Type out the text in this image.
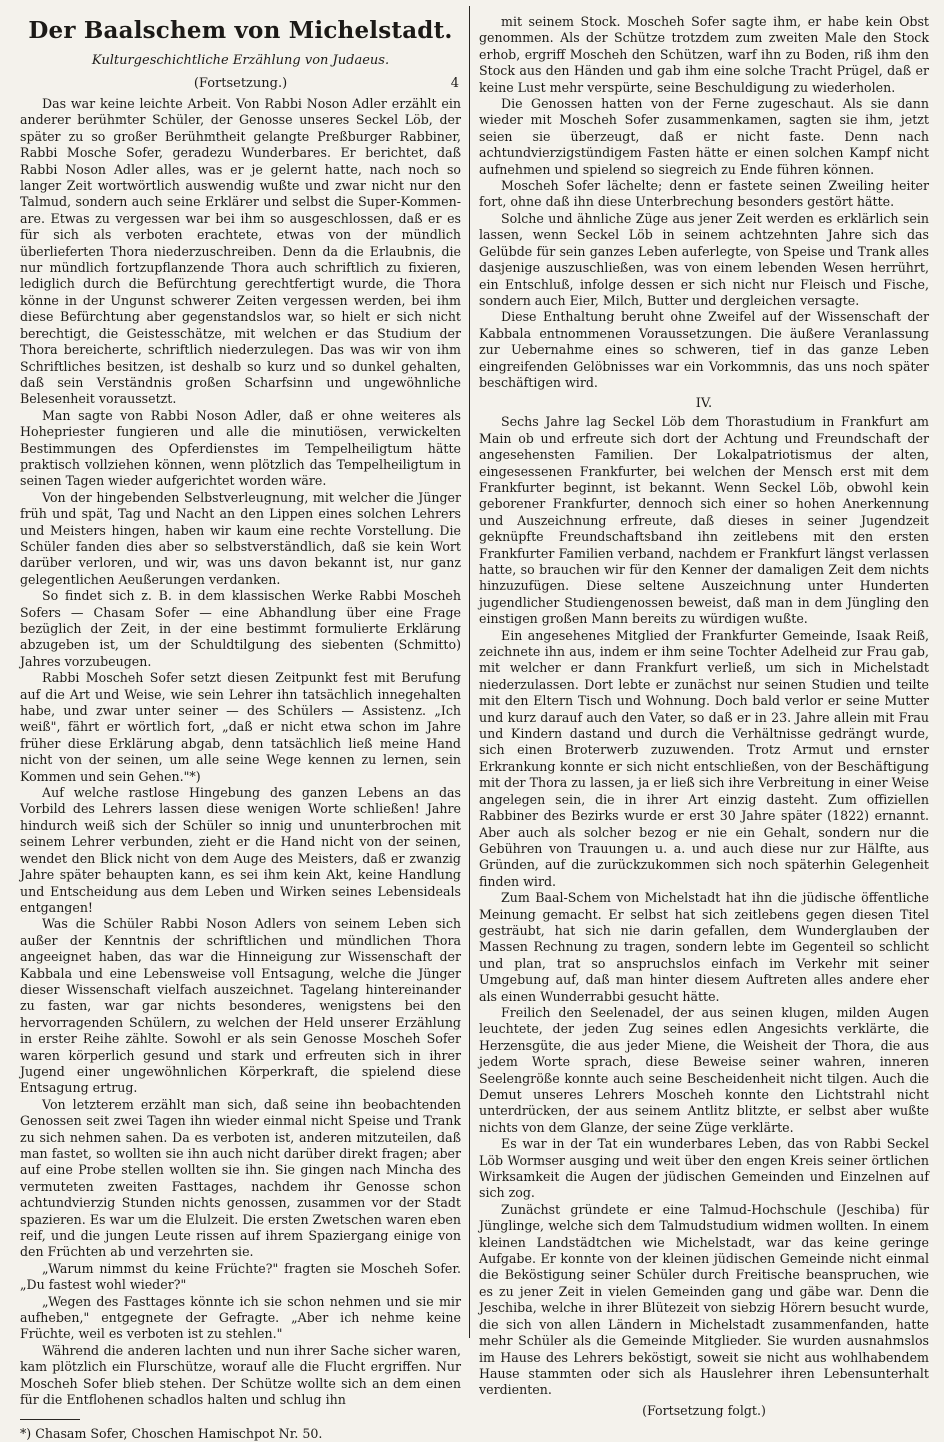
Der Baalschem von Michelstadt.
Kulturgeschichtliche Erzählung von Judaeus.
(Fortsetzung.)	4

Das war keine leichte Arbeit. Von Rabbi Noson Adler erzählt ein anderer berühmter Schüler, der Genosse unseres Seckel Löb, der später zu so großer Berühmtheit gelangte Preßburger Rabbiner, Rabbi Mosche Sofer, geradezu Wunderbares. Er berichtet, daß Rabbi Noson Adler alles, was er je gelernt hatte, nach noch so langer Zeit wortwörtlich auswendig wußte und zwar nicht nur den Talmud, sondern auch seine Erklärer und selbst die Super-Kommen-are. Etwas zu vergessen war bei ihm so ausgeschlossen, daß er es für sich als verboten erachtete, etwas von der mündlich überlieferten Thora niederzuschreiben. Denn da die Erlaubnis, die nur mündlich fortzupflanzende Thora auch schriftlich zu fixieren, lediglich durch die Befürchtung gerechtfertigt wurde, die Thora könne in der Ungunst schwerer Zeiten vergessen werden, bei ihm diese Befürchtung aber gegenstandslos war, so hielt er sich nicht berechtigt, die Geistesschätze, mit welchen er das Studium der Thora bereicherte, schriftlich niederzulegen. Das was wir von ihm Schriftliches besitzen, ist deshalb so kurz und so dunkel gehalten, daß sein Verständnis großen Scharfsinn und ungewöhnliche Belesenheit voraussetzt.

Man sagte von Rabbi Noson Adler, daß er ohne weiteres als Hohepriester fungieren und alle die minutiösen, verwickelten Bestimmungen des Opferdienstes im Tempelheiligtum hätte praktisch vollziehen können, wenn plötzlich das Tempelheiligtum in seinen Tagen wieder aufgerichtet worden wäre.

Von der hingebenden Selbstverleugnung, mit welcher die Jünger früh und spät, Tag und Nacht an den Lippen eines solchen Lehrers und Meisters hingen, haben wir kaum eine rechte Vorstellung. Die Schüler fanden dies aber so selbstverständlich, daß sie kein Wort darüber verloren, und wir, was uns davon bekannt ist, nur ganz gelegentlichen Aeußerungen verdanken.

So findet sich z. B. in dem klassischen Werke Rabbi Moscheh Sofers — Chasam Sofer — eine Abhandlung über eine Frage bezüglich der Zeit, in der eine bestimmt formulierte Erklärung abzugeben ist, um der Schuldtilgung des siebenten (Schmitto) Jahres vorzubeugen.

Rabbi Moscheh Sofer setzt diesen Zeitpunkt fest mit Berufung auf die Art und Weise, wie sein Lehrer ihn tatsächlich innegehalten habe, und zwar unter seiner — des Schülers — Assistenz. „Ich weiß", fährt er wörtlich fort, „daß er nicht etwa schon im Jahre früher diese Erklärung abgab, denn tatsächlich ließ meine Hand nicht von der seinen, um alle seine Wege kennen zu lernen, sein Kommen und sein Gehen."*)

Auf welche rastlose Hingebung des ganzen Lebens an das Vorbild des Lehrers lassen diese wenigen Worte schließen! Jahre hindurch weiß sich der Schüler so innig und ununterbrochen mit seinem Lehrer verbunden, zieht er die Hand nicht von der seinen, wendet den Blick nicht von dem Auge des Meisters, daß er zwanzig Jahre später behaupten kann, es sei ihm kein Akt, keine Handlung und Entscheidung aus dem Leben und Wirken seines Lebensideals entgangen!

Was die Schüler Rabbi Noson Adlers von seinem Leben sich außer der Kenntnis der schriftlichen und mündlichen Thora angeeignet haben, das war die Hinneigung zur Wissenschaft der Kabbala und eine Lebensweise voll Entsagung, welche die Jünger dieser Wissenschaft vielfach auszeichnet. Tagelang hintereinander zu fasten, war gar nichts besonderes, wenigstens bei den hervorragenden Schülern, zu welchen der Held unserer Erzählung in erster Reihe zählte. Sowohl er als sein Genosse Moscheh Sofer waren körperlich gesund und stark und erfreuten sich in ihrer Jugend einer ungewöhnlichen Körperkraft, die spielend diese Entsagung ertrug.

Von letzterem erzählt man sich, daß seine ihn beobachtenden Genossen seit zwei Tagen ihn wieder einmal nicht Speise und Trank zu sich nehmen sahen. Da es verboten ist, anderen mitzuteilen, daß man fastet, so wollten sie ihn auch nicht darüber direkt fragen; aber auf eine Probe stellen wollten sie ihn. Sie gingen nach Mincha des vermuteten zweiten Fasttages, nachdem ihr Genosse schon achtundvierzig Stunden nichts genossen, zusammen vor der Stadt spazieren. Es war um die Elulzeit. Die ersten Zwetschen waren eben reif, und die jungen Leute rissen auf ihrem Spaziergang einige von den Früchten ab und verzehrten sie.

„Warum nimmst du keine Früchte?" fragten sie Moscheh Sofer. „Du fastest wohl wieder?"

„Wegen des Fasttages könnte ich sie schon nehmen und sie mir aufheben," entgegnete der Gefragte. „Aber ich nehme keine Früchte, weil es verboten ist zu stehlen."

Während die anderen lachten und nun ihrer Sache sicher waren, kam plötzlich ein Flurschütze, worauf alle die Flucht ergriffen. Nur Moscheh Sofer blieb stehen. Der Schütze wollte sich an dem einen für die Entflohenen schadlos halten und schlug ihn

*) Chasam Sofer, Choschen Hamischpot Nr. 50.

mit seinem Stock. Moscheh Sofer sagte ihm, er habe kein Obst genommen. Als der Schütze trotzdem zum zweiten Male den Stock erhob, ergriff Moscheh den Schützen, warf ihn zu Boden, riß ihm den Stock aus den Händen und gab ihm eine solche Tracht Prügel, daß er keine Lust mehr verspürte, seine Beschuldigung zu wiederholen.

Die Genossen hatten von der Ferne zugeschaut. Als sie dann wieder mit Moscheh Sofer zusammenkamen, sagten sie ihm, jetzt seien sie überzeugt, daß er nicht faste. Denn nach achtundvierzigstündigem Fasten hätte er einen solchen Kampf nicht aufnehmen und spielend so siegreich zu Ende führen können.

Moscheh Sofer lächelte; denn er fastete seinen Zweiling heiter fort, ohne daß ihn diese Unterbrechung besonders gestört hätte.

Solche und ähnliche Züge aus jener Zeit werden es erklärlich sein lassen, wenn Seckel Löb in seinem achtzehnten Jahre sich das Gelübde für sein ganzes Leben auferlegte, von Speise und Trank alles dasjenige auszuschließen, was von einem lebenden Wesen herrührt, ein Entschluß, infolge dessen er sich nicht nur Fleisch und Fische, sondern auch Eier, Milch, Butter und dergleichen versagte.

Diese Enthaltung beruht ohne Zweifel auf der Wissenschaft der Kabbala entnommenen Voraussetzungen. Die äußere Veranlassung zur Uebernahme eines so schweren, tief in das ganze Leben eingreifenden Gelöbnisses war ein Vorkommnis, das uns noch später beschäftigen wird.

IV.

Sechs Jahre lag Seckel Löb dem Thorastudium in Frankfurt am Main ob und erfreute sich dort der Achtung und Freundschaft der angesehensten Familien. Der Lokalpatriotismus der alten, eingesessenen Frankfurter, bei welchen der Mensch erst mit dem Frankfurter beginnt, ist bekannt. Wenn Seckel Löb, obwohl kein geborener Frankfurter, dennoch sich einer so hohen Anerkennung und Auszeichnung erfreute, daß dieses in seiner Jugendzeit geknüpfte Freundschaftsband ihn zeitlebens mit den ersten Frankfurter Familien verband, nachdem er Frankfurt längst verlassen hatte, so brauchen wir für den Kenner der damaligen Zeit dem nichts hinzuzufügen. Diese seltene Auszeichnung unter Hunderten jugendlicher Studiengenossen beweist, daß man in dem Jüngling den einstigen großen Mann bereits zu würdigen wußte.

Ein angesehenes Mitglied der Frankfurter Gemeinde, Isaak Reiß, zeichnete ihn aus, indem er ihm seine Tochter Adelheid zur Frau gab, mit welcher er dann Frankfurt verließ, um sich in Michelstadt niederzulassen. Dort lebte er zunächst nur seinen Studien und teilte mit den Eltern Tisch und Wohnung. Doch bald verlor er seine Mutter und kurz darauf auch den Vater, so daß er in 23. Jahre allein mit Frau und Kindern dastand und durch die Verhältnisse gedrängt wurde, sich einen Broterwerb zuzuwenden. Trotz Armut und ernster Erkrankung konnte er sich nicht entschließen, von der Beschäftigung mit der Thora zu lassen, ja er ließ sich ihre Verbreitung in einer Weise angelegen sein, die in ihrer Art einzig dasteht. Zum offiziellen Rabbiner des Bezirks wurde er erst 30 Jahre später (1822) ernannt. Aber auch als solcher bezog er nie ein Gehalt, sondern nur die Gebühren von Trauungen u. a. und auch diese nur zur Hälfte, aus Gründen, auf die zurückzukommen sich noch späterhin Gelegenheit finden wird.

Zum Baal-Schem von Michelstadt hat ihn die jüdische öffentliche Meinung gemacht. Er selbst hat sich zeitlebens gegen diesen Titel gesträubt, hat sich nie darin gefallen, dem Wunderglauben der Massen Rechnung zu tragen, sondern lebte im Gegenteil so schlicht und plan, trat so anspruchslos einfach im Verkehr mit seiner Umgebung auf, daß man hinter diesem Auftreten alles andere eher als einen Wunderrabbi gesucht hätte.

Freilich den Seelenadel, der aus seinen klugen, milden Augen leuchtete, der jeden Zug seines edlen Angesichts verklärte, die Herzensgüte, die aus jeder Miene, die Weisheit der Thora, die aus jedem Worte sprach, diese Beweise seiner wahren, inneren Seelengröße konnte auch seine Bescheidenheit nicht tilgen. Auch die Demut unseres Lehrers Moscheh konnte den Lichtstrahl nicht unterdrücken, der aus seinem Antlitz blitzte, er selbst aber wußte nichts von dem Glanze, der seine Züge verklärte.

Es war in der Tat ein wunderbares Leben, das von Rabbi Seckel Löb Wormser ausging und weit über den engen Kreis seiner örtlichen Wirksamkeit die Augen der jüdischen Gemeinden und Einzelnen auf sich zog.

Zunächst gründete er eine Talmud-Hochschule (Jeschiba) für Jünglinge, welche sich dem Talmudstudium widmen wollten. In einem kleinen Landstädtchen wie Michelstadt, war das keine geringe Aufgabe. Er konnte von der kleinen jüdischen Gemeinde nicht einmal die Beköstigung seiner Schüler durch Freitische beanspruchen, wie es zu jener Zeit in vielen Gemeinden gang und gäbe war. Denn die Jeschiba, welche in ihrer Blütezeit von siebzig Hörern besucht wurde, die sich von allen Ländern in Michelstadt zusammenfanden, hatte mehr Schüler als die Gemeinde Mitglieder. Sie wurden ausnahmslos im Hause des Lehrers beköstigt, soweit sie nicht aus wohlhabendem Hause stammten oder sich als Hauslehrer ihren Lebensunterhalt verdienten.

(Fortsetzung folgt.)
